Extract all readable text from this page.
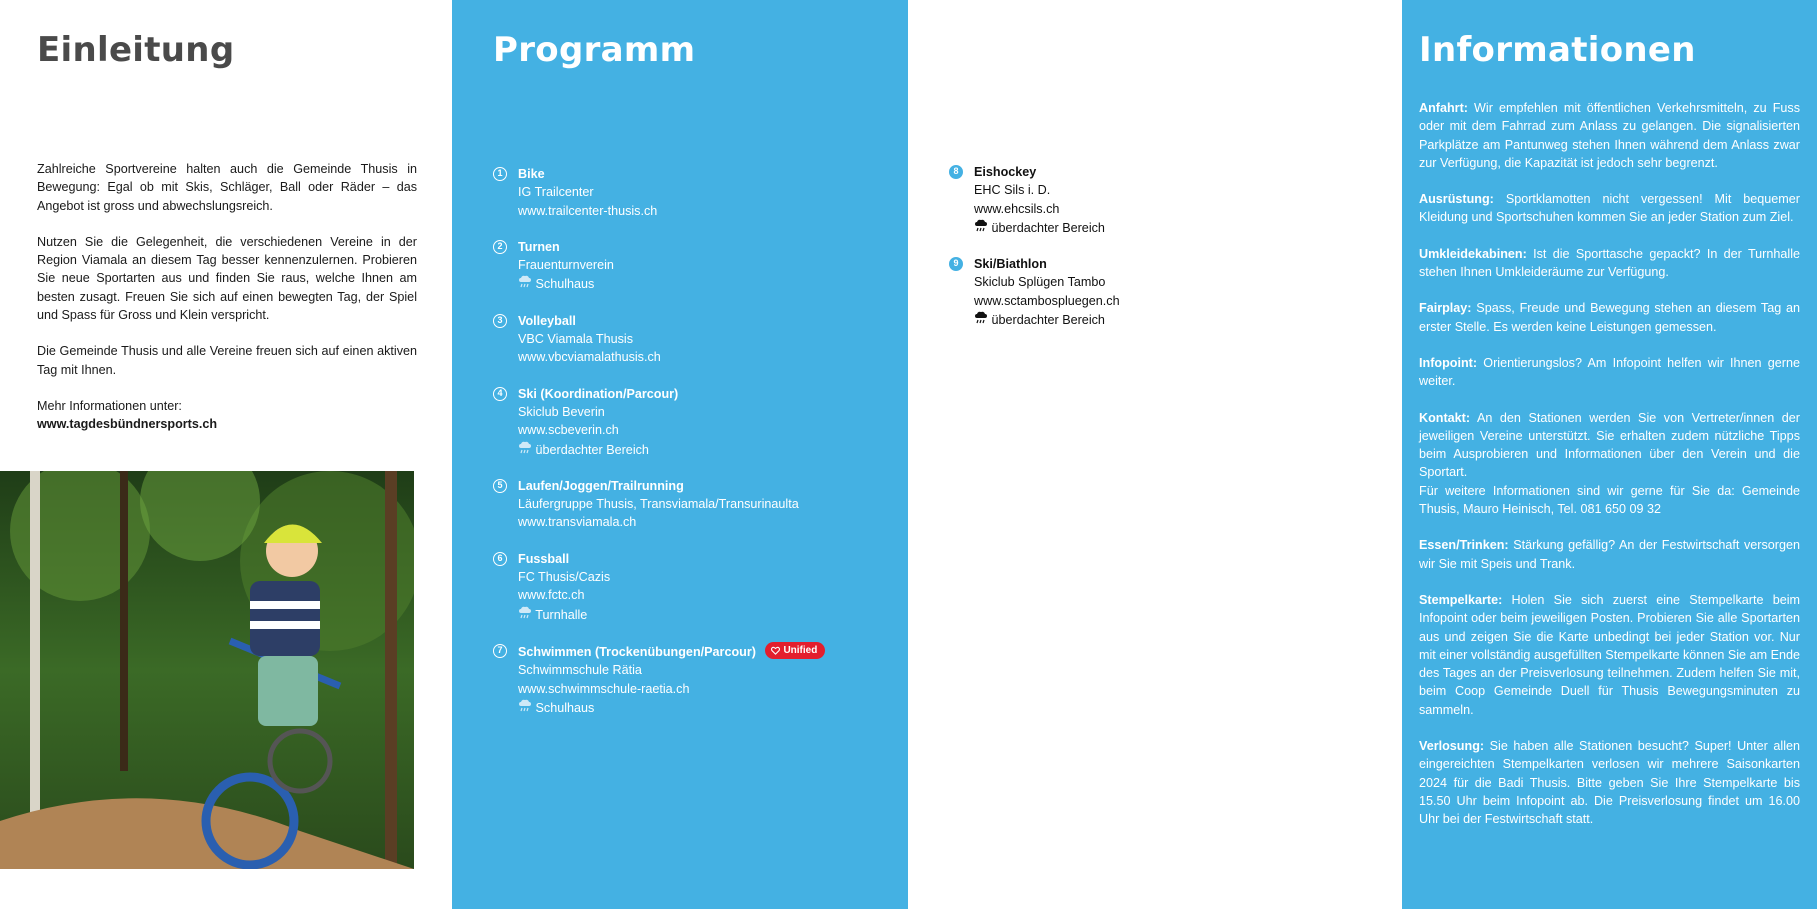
Einleitung

Zahlreiche Sportvereine halten auch die Gemeinde Thusis in Bewegung: Egal ob mit Skis, Schläger, Ball oder Räder – das Angebot ist gross und abwechslungsreich.

Nutzen Sie die Gelegenheit, die verschiedenen Vereine in der Region Viamala an diesem Tag besser kennenzulernen. Probieren Sie neue Sportarten aus und finden Sie raus, welche Ihnen am besten zusagt. Freuen Sie sich auf einen bewegten Tag, der Spiel und Spass für Gross und Klein verspricht.

Die Gemeinde Thusis und alle Vereine freuen sich auf einen aktiven Tag mit Ihnen.

Mehr Informationen unter:
www.tagdesbündnersports.ch
Programm
1	Bike
IG Trailcenter
www.trailcenter-thusis.ch
2	Turnen
Frauenturnverein
Schulhaus
3	Volleyball
VBC Viamala Thusis
www.vbcviamalathusis.ch
4	Ski (Koordination/Parcour)
Skiclub Beverin
www.scbeverin.ch
überdachter Bereich
5	Laufen/Joggen/Trailrunning
Läufergruppe Thusis, Transviamala/Transurinaulta
www.transviamala.ch
6	Fussball
FC Thusis/Cazis
www.fctc.ch
Turnhalle
7	Schwimmen (Trockenübungen/Parcour)	Unified
Schwimmschule Rätia
www.schwimmschule-raetia.ch
Schulhaus
8	Eishockey
EHC Sils i. D.
www.ehcsils.ch
überdachter Bereich
9	Ski/Biathlon
Skiclub Splügen Tambo
www.sctambospluegen.ch
überdachter Bereich
Informationen
Anfahrt: Wir empfehlen mit öffentlichen Verkehrsmitteln, zu Fuss oder mit dem Fahrrad zum Anlass zu gelangen. Die signalisierten Parkplätze am Pantunweg stehen Ihnen während dem Anlass zwar zur Verfügung, die Kapazität ist jedoch sehr begrenzt.
Ausrüstung: Sportklamotten nicht vergessen! Mit bequemer Kleidung und Sportschuhen kommen Sie an jeder Station zum Ziel.
Umkleidekabinen: Ist die Sporttasche gepackt? In der Turnhalle stehen Ihnen Umkleideräume zur Verfügung.
Fairplay: Spass, Freude und Bewegung stehen an diesem Tag an erster Stelle. Es werden keine Leistungen gemessen.
Infopoint: Orientierungslos? Am Infopoint helfen wir Ihnen gerne weiter.
Kontakt: An den Stationen werden Sie von Vertreter/innen der jeweiligen Vereine unterstützt. Sie erhalten zudem nützliche Tipps beim Ausprobieren und Informationen über den Verein und die Sportart.
Für weitere Informationen sind wir gerne für Sie da: Gemeinde Thusis, Mauro Heinisch, Tel. 081 650 09 32
Essen/Trinken: Stärkung gefällig? An der Festwirtschaft versorgen wir Sie mit Speis und Trank.
Stempelkarte: Holen Sie sich zuerst eine Stempelkarte beim Infopoint oder beim jeweiligen Posten. Probieren Sie alle Sportarten aus und zeigen Sie die Karte unbedingt bei jeder Station vor. Nur mit einer vollständig ausgefüllten Stempelkarte können Sie am Ende des Tages an der Preisverlosung teilnehmen. Zudem helfen Sie mit, beim Coop Gemeinde Duell für Thusis Bewegungsminuten zu sammeln.
Verlosung: Sie haben alle Stationen besucht? Super! Unter allen eingereichten Stempelkarten verlosen wir mehrere Saisonkarten 2024 für die Badi Thusis. Bitte geben Sie Ihre Stempelkarte bis 15.50 Uhr beim Infopoint ab. Die Preisverlosung findet um 16.00 Uhr bei der Festwirtschaft statt.
